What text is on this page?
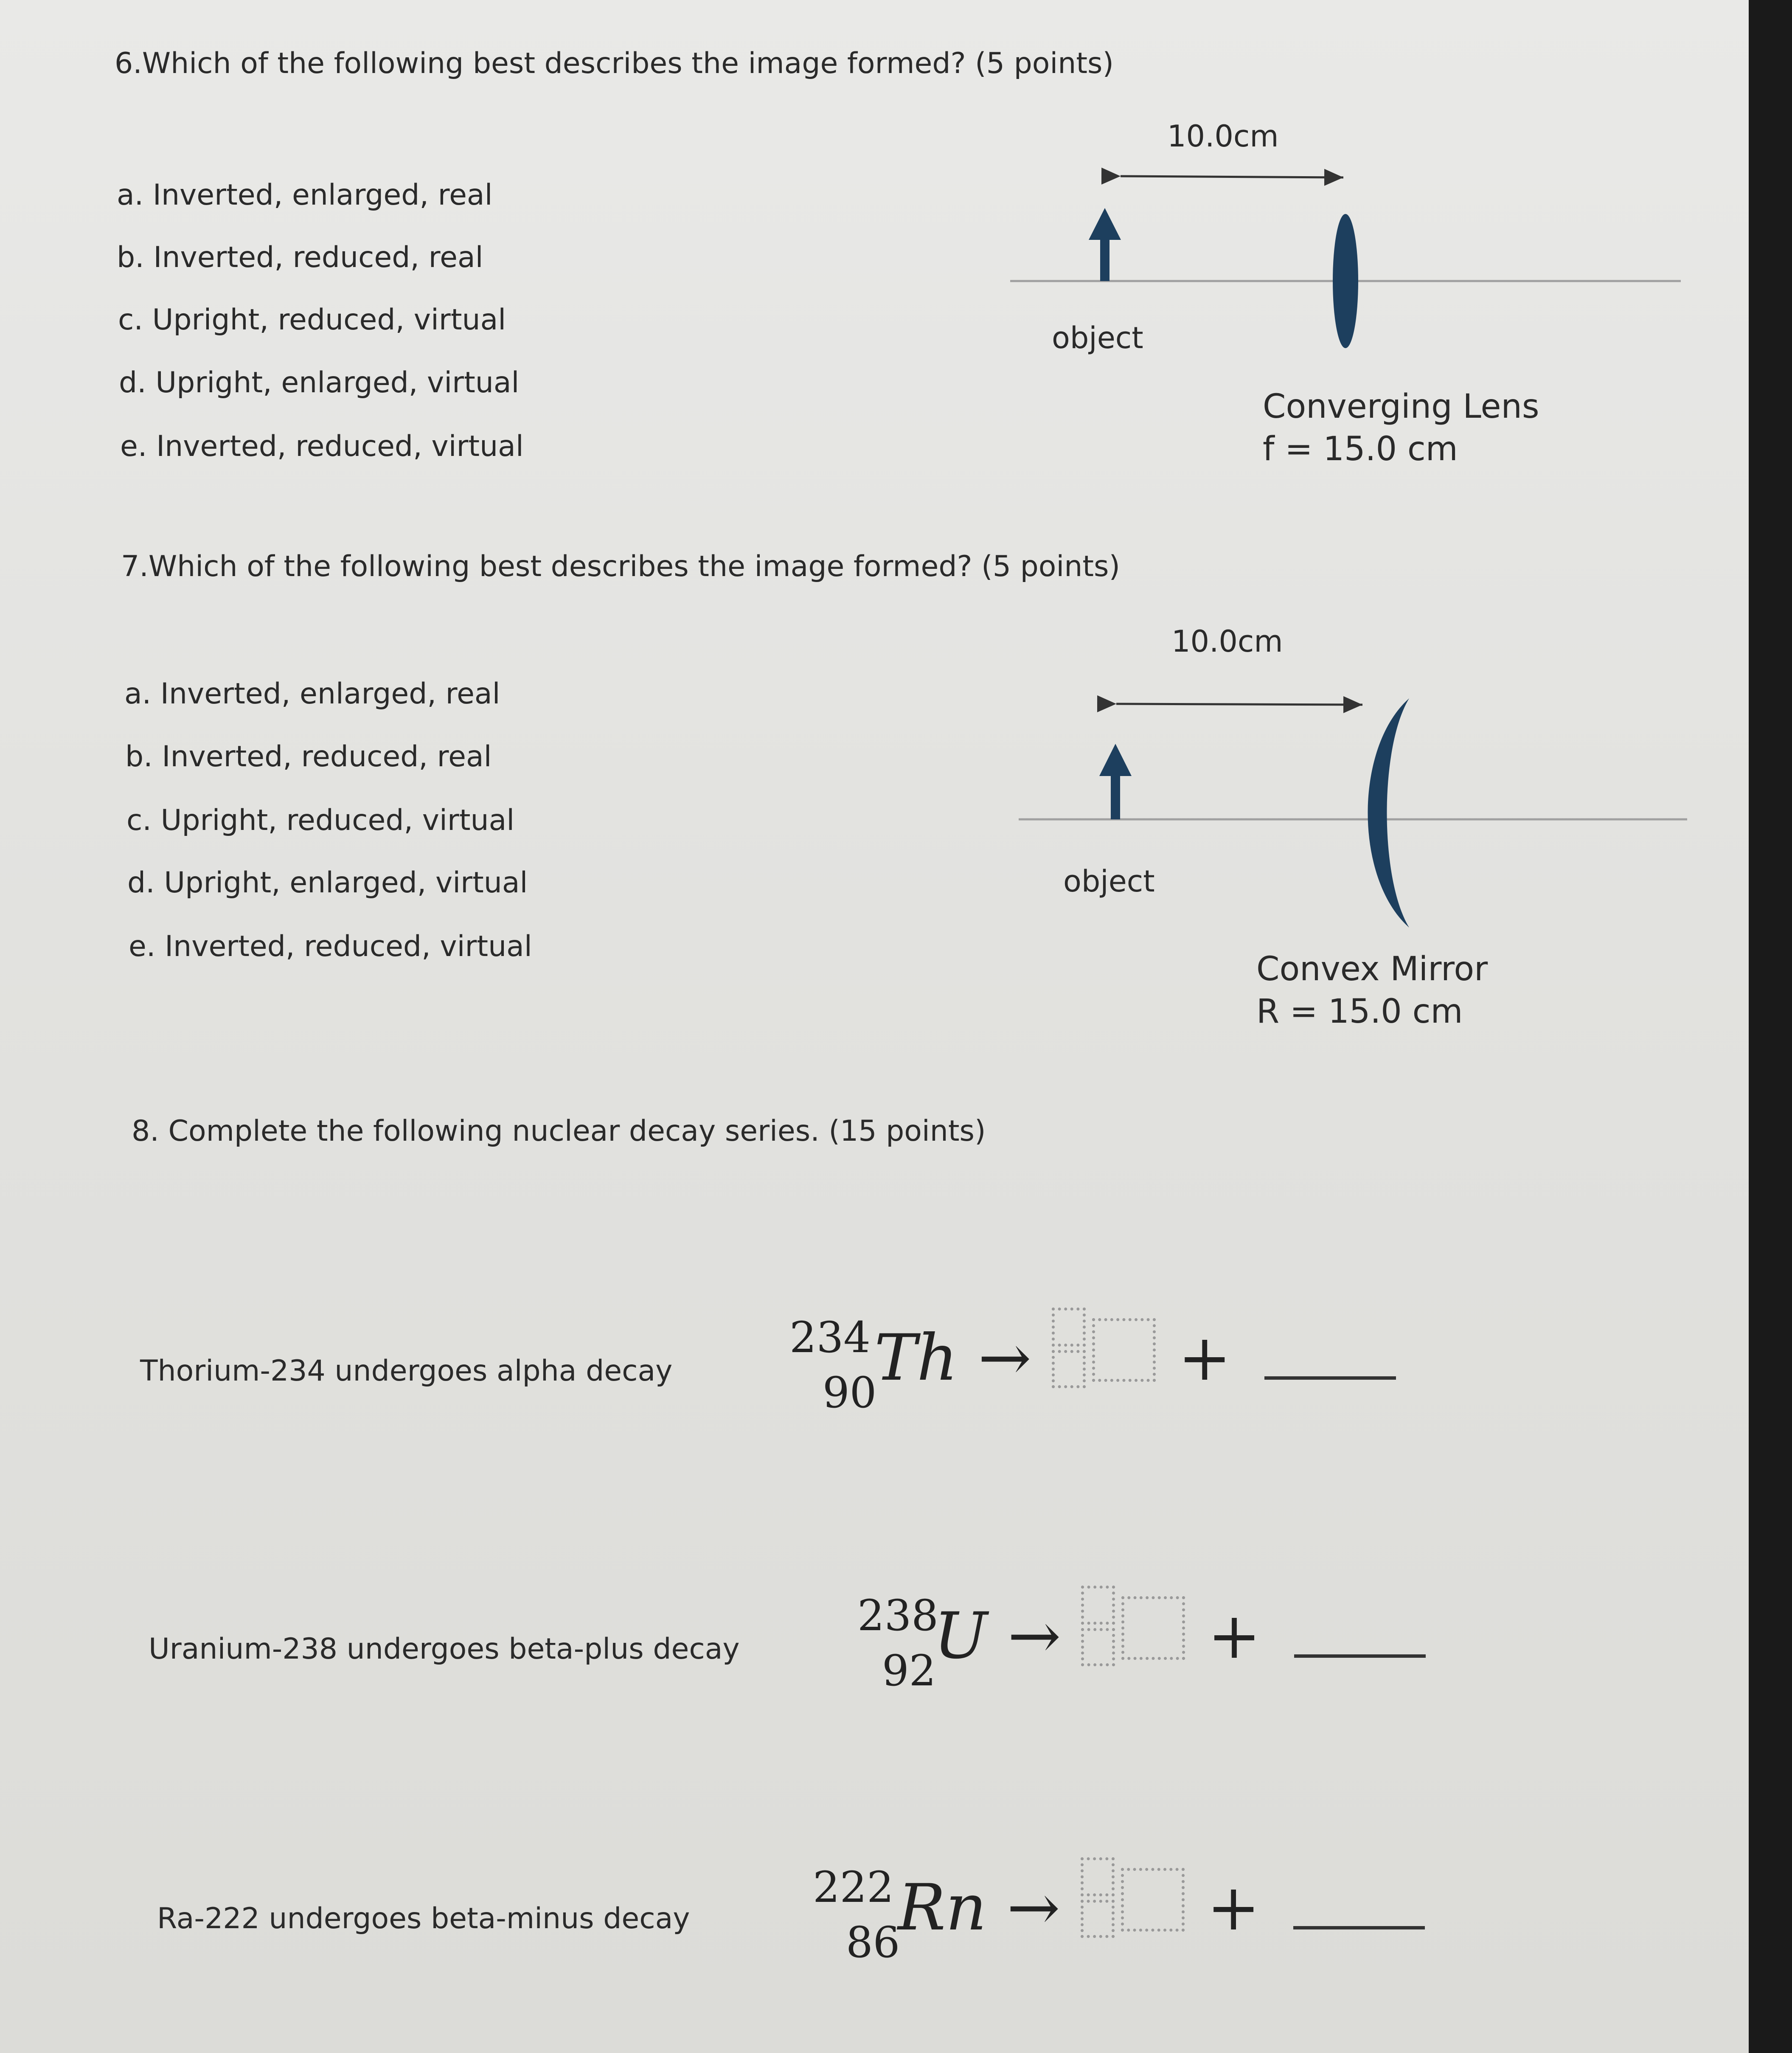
6.Which of the following best describes the image formed? (5 points)
a. Inverted, enlarged, real
b. Inverted, reduced, real
c. Upright, reduced, virtual
d. Upright, enlarged, virtual
e. Inverted, reduced, virtual
10.0cm
object
Converging Lens
f = 15.0 cm
7.Which of the following best describes the image formed? (5 points)
a. Inverted, enlarged, real
b. Inverted, reduced, real
c. Upright, reduced, virtual
d. Upright, enlarged, virtual
e. Inverted, reduced, virtual
10.0cm
object
Convex Mirror
R = 15.0 cm
8. Complete the following nuclear decay series. (15 points)
Thorium-234 undergoes alpha decay
234
90
Th → +
Uranium-238 undergoes beta-plus decay
238
92
U → +
Ra-222 undergoes beta-minus decay
222
86
Rn → +
